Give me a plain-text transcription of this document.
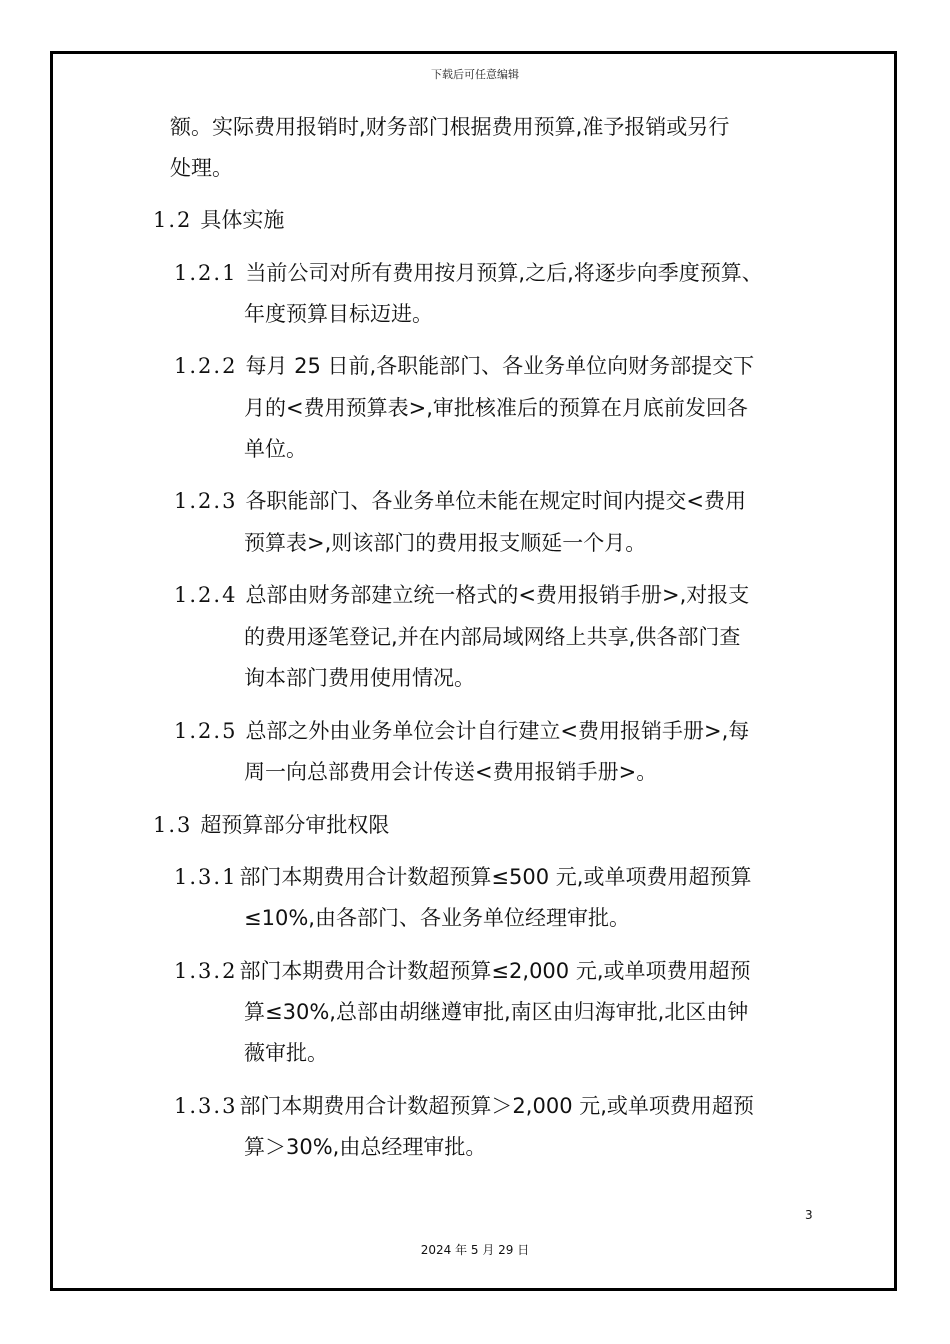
下载后可任意编辑
额。实际费用报销时,财务部门根据费用预算,准予报销或另行
处理。
1.2 具体实施
1.2.1 当前公司对所有费用按月预算,之后,将逐步向季度预算、
年度预算目标迈进。
1.2.2 每月 25 日前,各职能部门、各业务单位向财务部提交下
月的<费用预算表>,审批核准后的预算在月底前发回各
单位。
1.2.3 各职能部门、各业务单位未能在规定时间内提交<费用
预算表>,则该部门的费用报支顺延一个月。
1.2.4 总部由财务部建立统一格式的<费用报销手册>,对报支
的费用逐笔登记,并在内部局域网络上共享,供各部门查
询本部门费用使用情况。
1.2.5 总部之外由业务单位会计自行建立<费用报销手册>,每
周一向总部费用会计传送<费用报销手册>。
1.3 超预算部分审批权限
1.3.1部门本期费用合计数超预算≤500 元,或单项费用超预算
≤10%,由各部门、各业务单位经理审批。
1.3.2部门本期费用合计数超预算≤2,000 元,或单项费用超预
算≤30%,总部由胡继遵审批,南区由归海审批,北区由钟
薇审批。
1.3.3部门本期费用合计数超预算＞2,000 元,或单项费用超预
算＞30%,由总经理审批。
3
2024 年 5 月 29 日
